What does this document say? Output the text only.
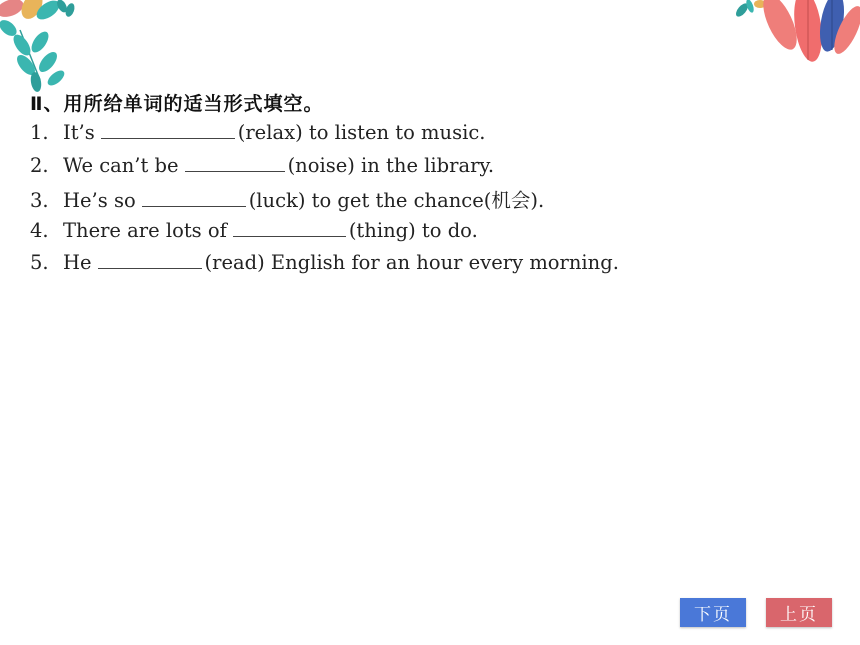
Ⅱ、用所给单词的适当形式填空。
1. It’s	(relax) to listen to music.
2. We can’t be	(noise) in the library.
3. He’s so	(luck) to get the chance(机会).
4. There are lots of	(thing) to do.
5. He	(read) English for an hour every morning.
下页	上页
